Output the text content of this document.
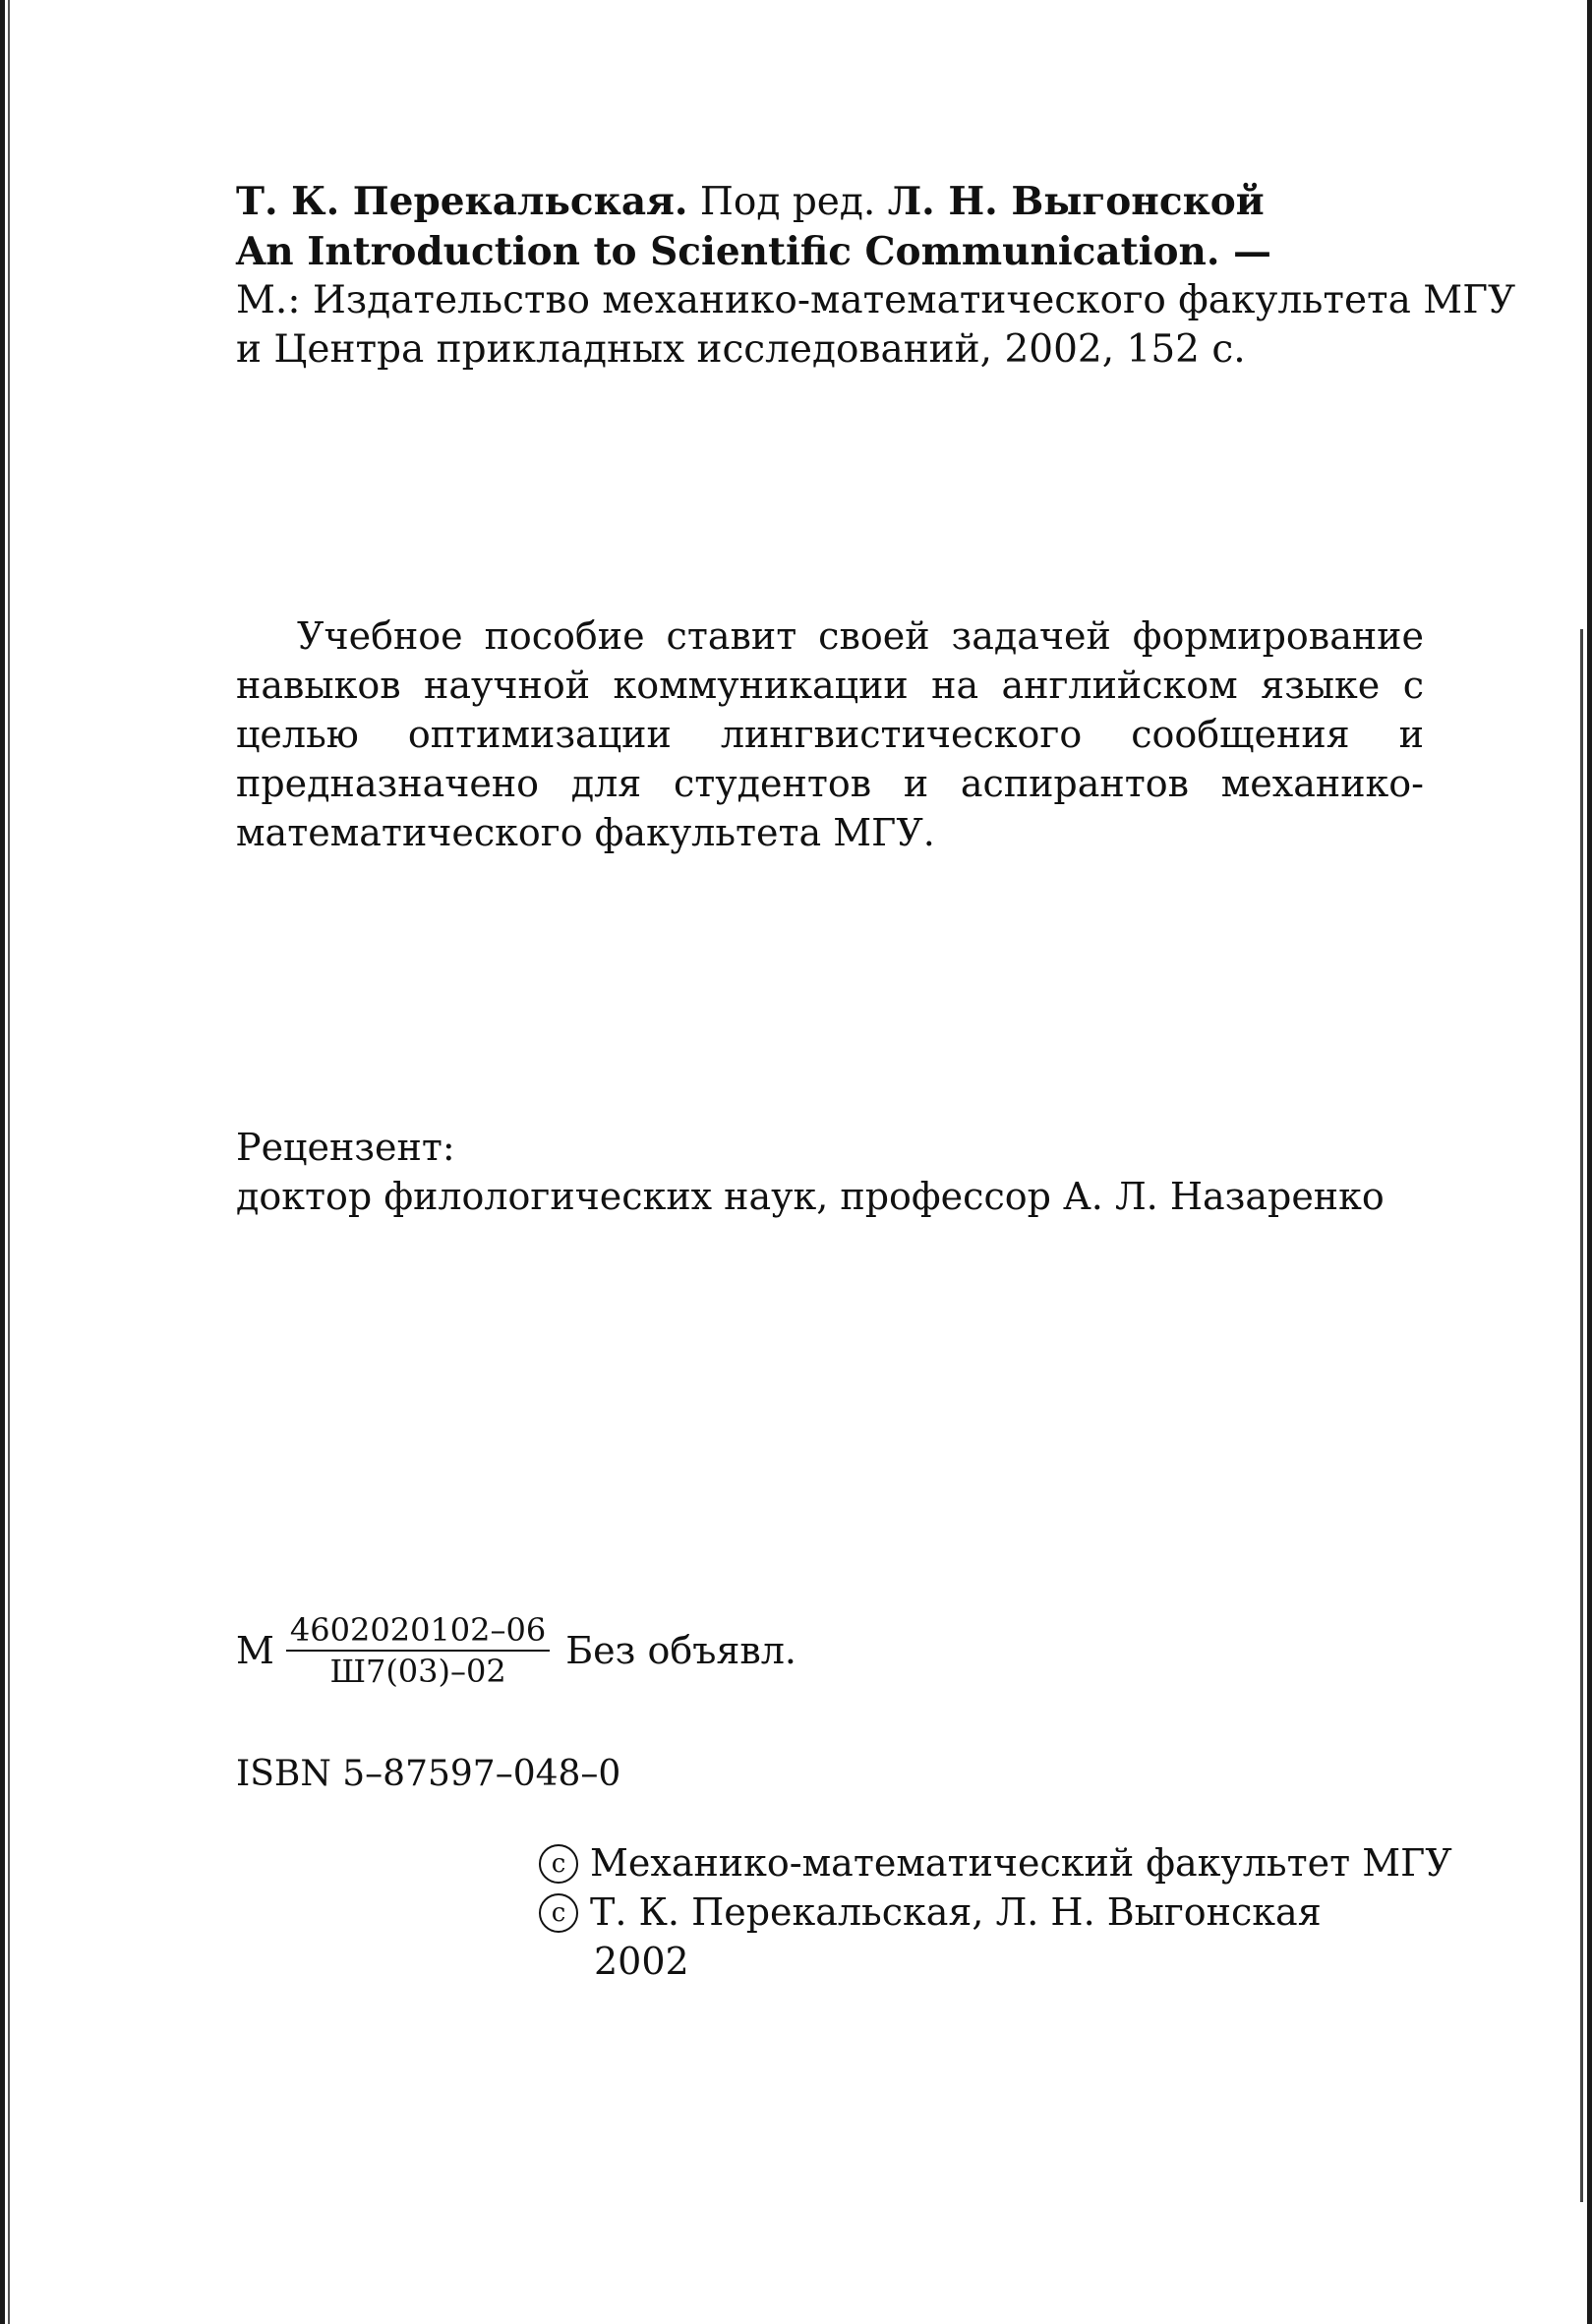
Т. К. Перекальская. Под ред. Л. Н. Выгонской
An Introduction to Scientific Communication. —
М.: Издательство механико-математического факультета МГУ
и Центра прикладных исследований, 2002, 152 с.
Учебное пособие ставит своей задачей формирование навыков научной коммуникации на английском языке с целью оптимизации лингвистического сообщения и предназначено для студентов и аспирантов механико-математического факультета МГУ.
Рецензент:
доктор филологических наук, профессор А. Л. Назаренко
М $\frac{4602020102-06}{Ш7(03)-02}$ Без объявл.
ISBN 5–87597–048–0
c Механико-математический факультет МГУ
c Т. К. Перекальская, Л. Н. Выгонская
2002
